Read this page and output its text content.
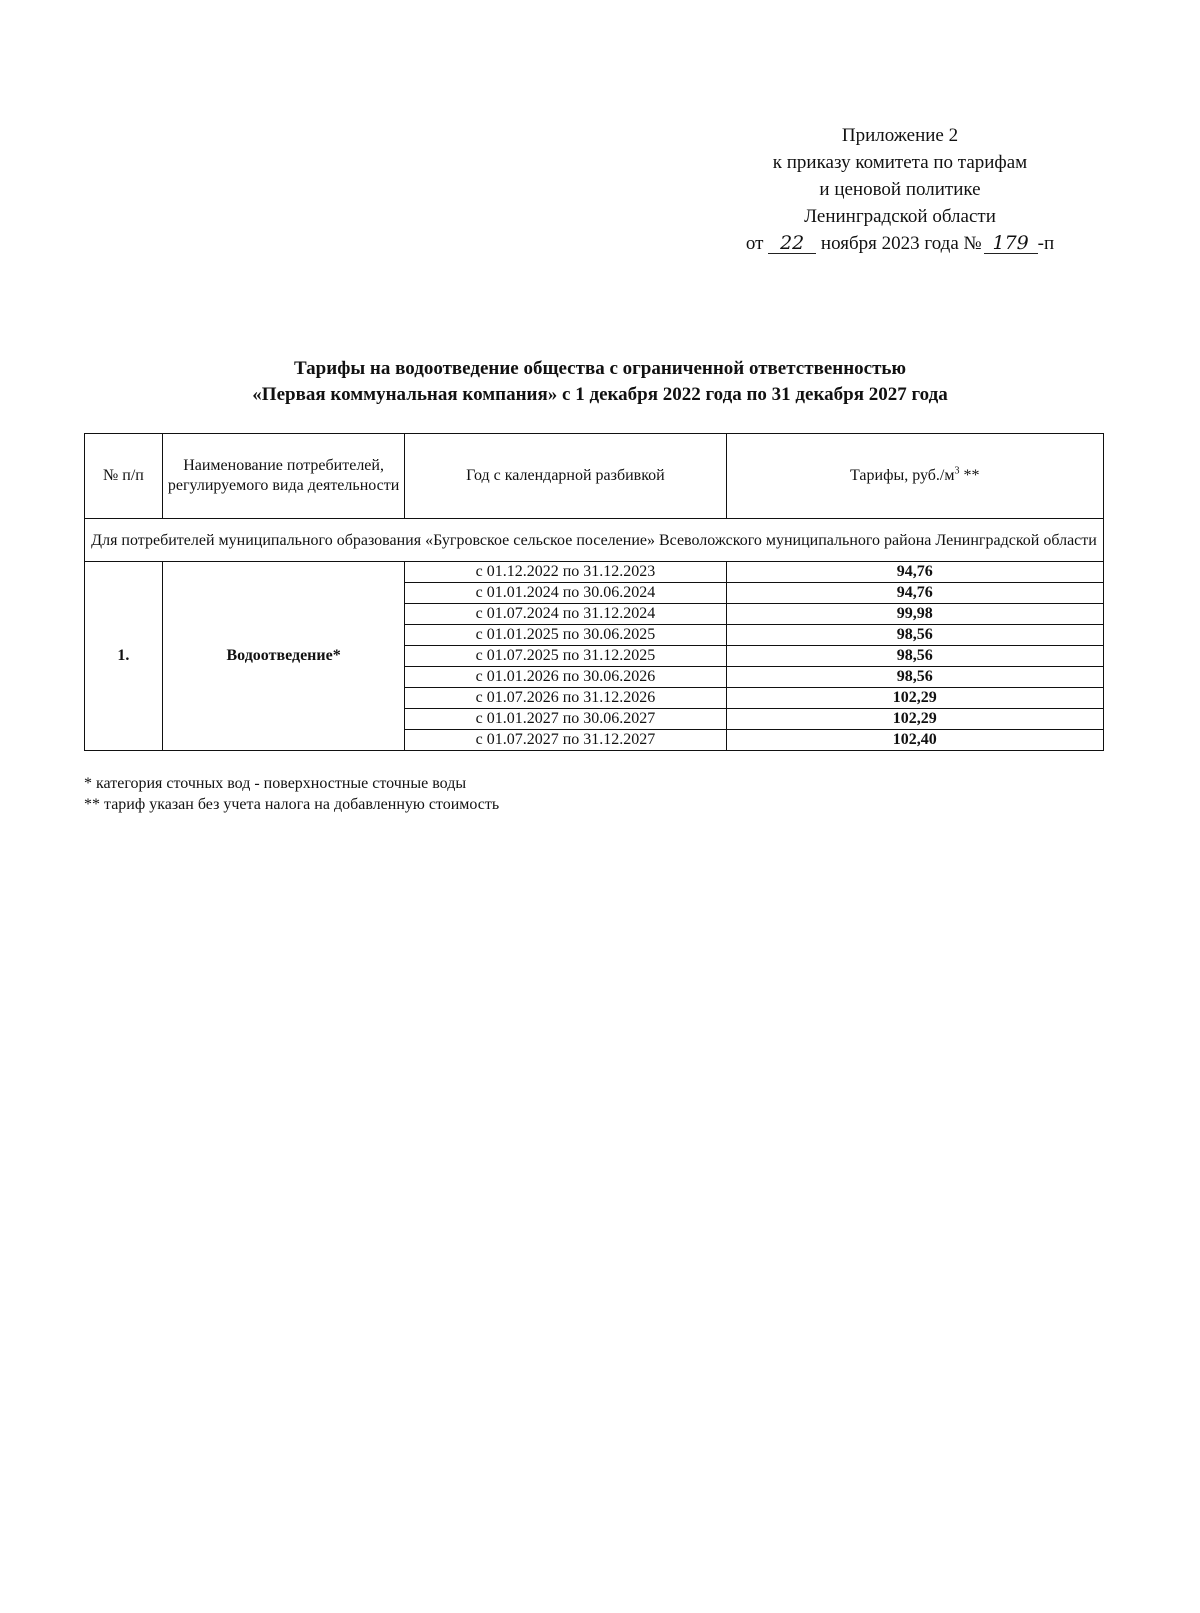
Приложение 2
к приказу комитета по тарифам
и ценовой политике
Ленинградской области
от 22 ноября 2023 года № 179 -п
Тарифы на водоотведение общества с ограниченной ответственностью
«Первая коммунальная компания» с 1 декабря 2022 года по 31 декабря 2027 года
№ п/п	Наименование потребителей, регулируемого вида деятельности	Год с календарной разбивкой	Тарифы, $руб./м^3$ **
Для потребителей муниципального образования «Бугровское сельское поселение» Всеволожского муниципального района Ленинградской области			
1.	Водоотведение*	с 01.12.2022 по 31.12.2023	94,76
		с 01.01.2024 по 30.06.2024	94,76
		с 01.07.2024 по 31.12.2024	99,98
		с 01.01.2025 по 30.06.2025	98,56
		с 01.07.2025 по 31.12.2025	98,56
		с 01.01.2026 по 30.06.2026	98,56
		с 01.07.2026 по 31.12.2026	102,29
		с 01.01.2027 по 30.06.2027	102,29
		с 01.07.2027 по 31.12.2027	102,40
* категория сточных вод - поверхностные сточные воды
** тариф указан без учета налога на добавленную стоимость
